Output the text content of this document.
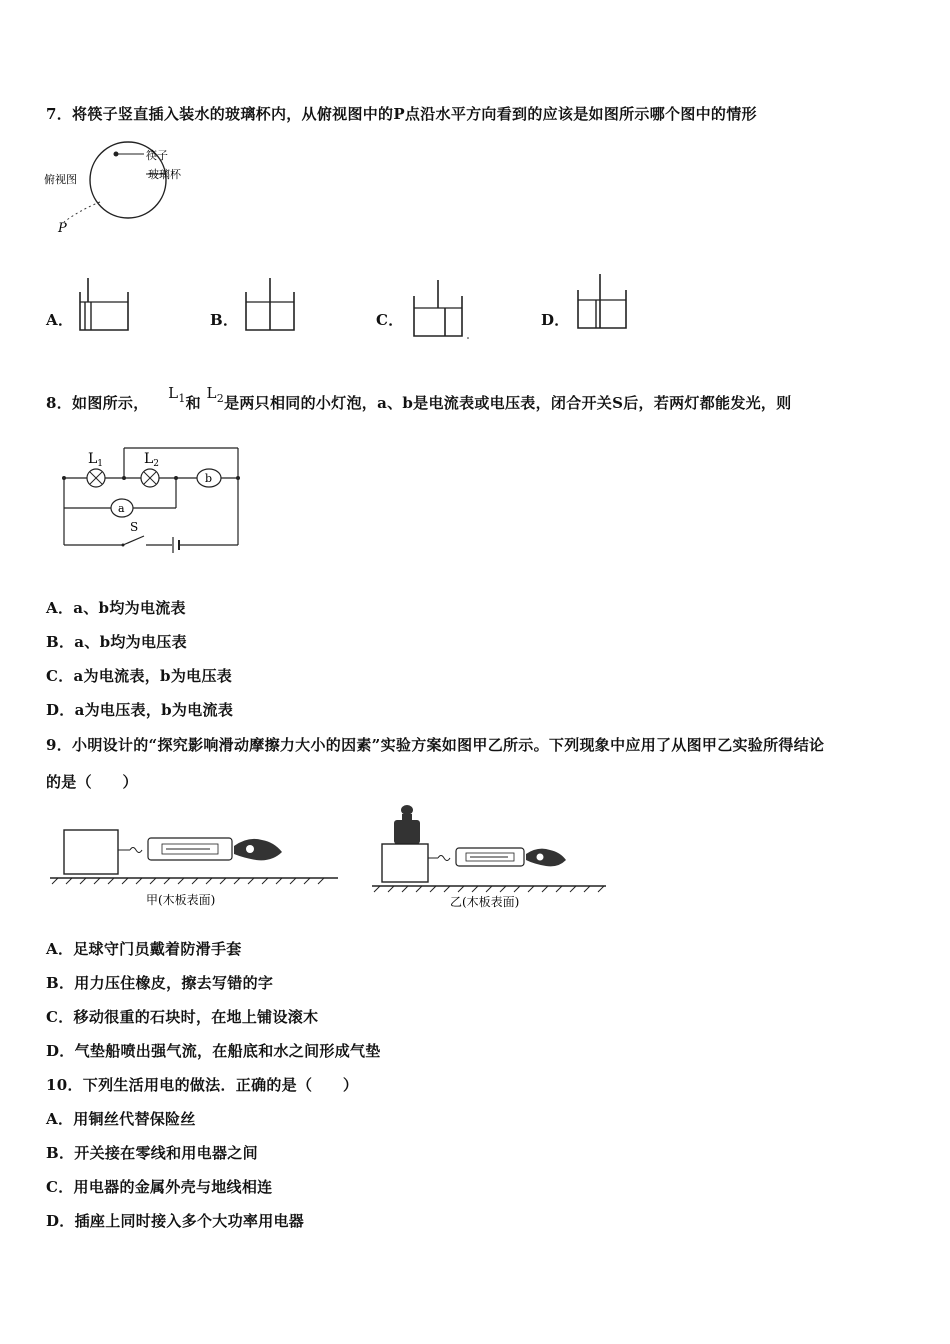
7．将筷子竖直插入装水的玻璃杯内，从俯视图中的P点沿水平方向看到的应该是如图所示哪个图中的情形
筷子
玻璃杯
俯视图
P
A．	B．	C．	D．
8．如图所示， $L_1$和 $L_2$是两只相同的小灯泡，a、b是电流表或电压表，闭合开关S后，若两灯都能发光，则
$L_1$	$L_2$
b
a
S
A．a、b均为电流表
B．a、b均为电压表
C．a为电流表，b为电压表
D．a为电压表，b为电流表
9．小明设计的“探究影响滑动摩擦力大小的因素”实验方案如图甲乙所示。下列现象中应用了从图甲乙实验所得结论
的是（　　）
甲(木板表面)	乙(木板表面)
A．足球守门员戴着防滑手套
B．用力压住橡皮，擦去写错的字
C．移动很重的石块时，在地上铺设滚木
D．气垫船喷出强气流，在船底和水之间形成气垫
10．下列生活用电的做法．正确的是（　　）
A．用铜丝代替保险丝
B．开关接在零线和用电器之间
C．用电器的金属外壳与地线相连
D．插座上同时接入多个大功率用电器
